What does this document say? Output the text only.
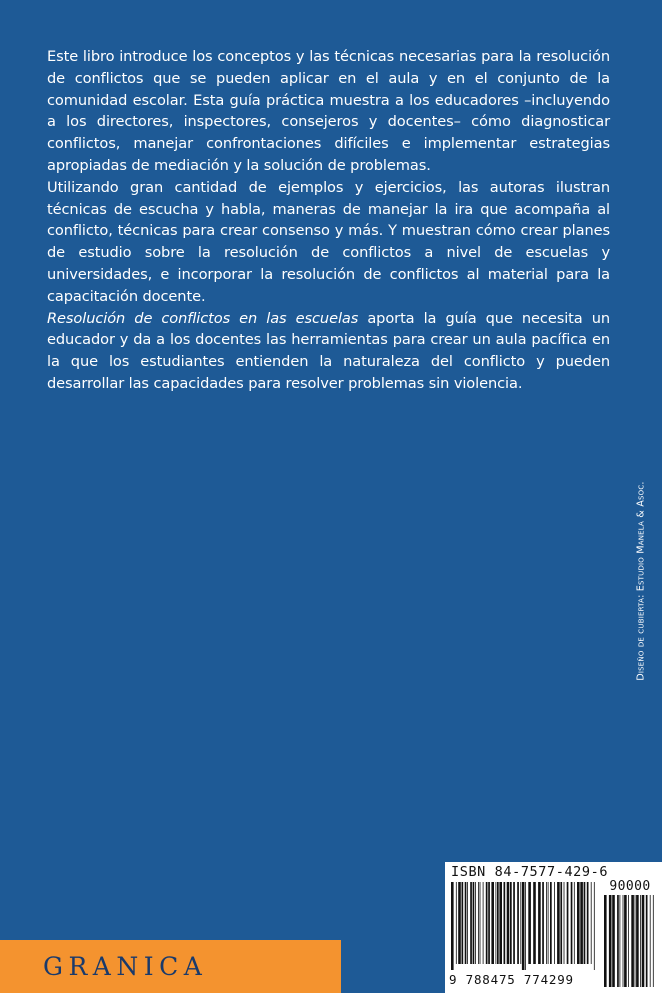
Este libro introduce los conceptos y las técnicas necesarias para la resolución de conflictos que se pueden aplicar en el aula y en el conjunto de la comunidad escolar. Esta guía práctica muestra a los educadores –incluyendo a los directores, inspectores, consejeros y docentes– cómo diagnosticar conflictos, manejar confrontaciones difíciles e implementar estrategias apropiadas de mediación y la solución de problemas.

Utilizando gran cantidad de ejemplos y ejercicios, las autoras ilustran técnicas de escucha y habla, maneras de manejar la ira que acompaña al conflicto, técnicas para crear consenso y más. Y muestran cómo crear planes de estudio sobre la resolución de conflictos a nivel de escuelas y universidades, e incorporar la resolución de conflictos al material para la capacitación docente.

Resolución de conflictos en las escuelas aporta la guía que necesita un educador y da a los docentes las herramientas para crear un aula pacífica en la que los estudiantes entienden la naturaleza del conflicto y pueden desarrollar las capacidades para resolver problemas sin violencia.

Diseño de cubierta: Estudio Manela & Asoc.
GRANICA
ISBN 84-7577-429-6
90000
9 788475 774299
